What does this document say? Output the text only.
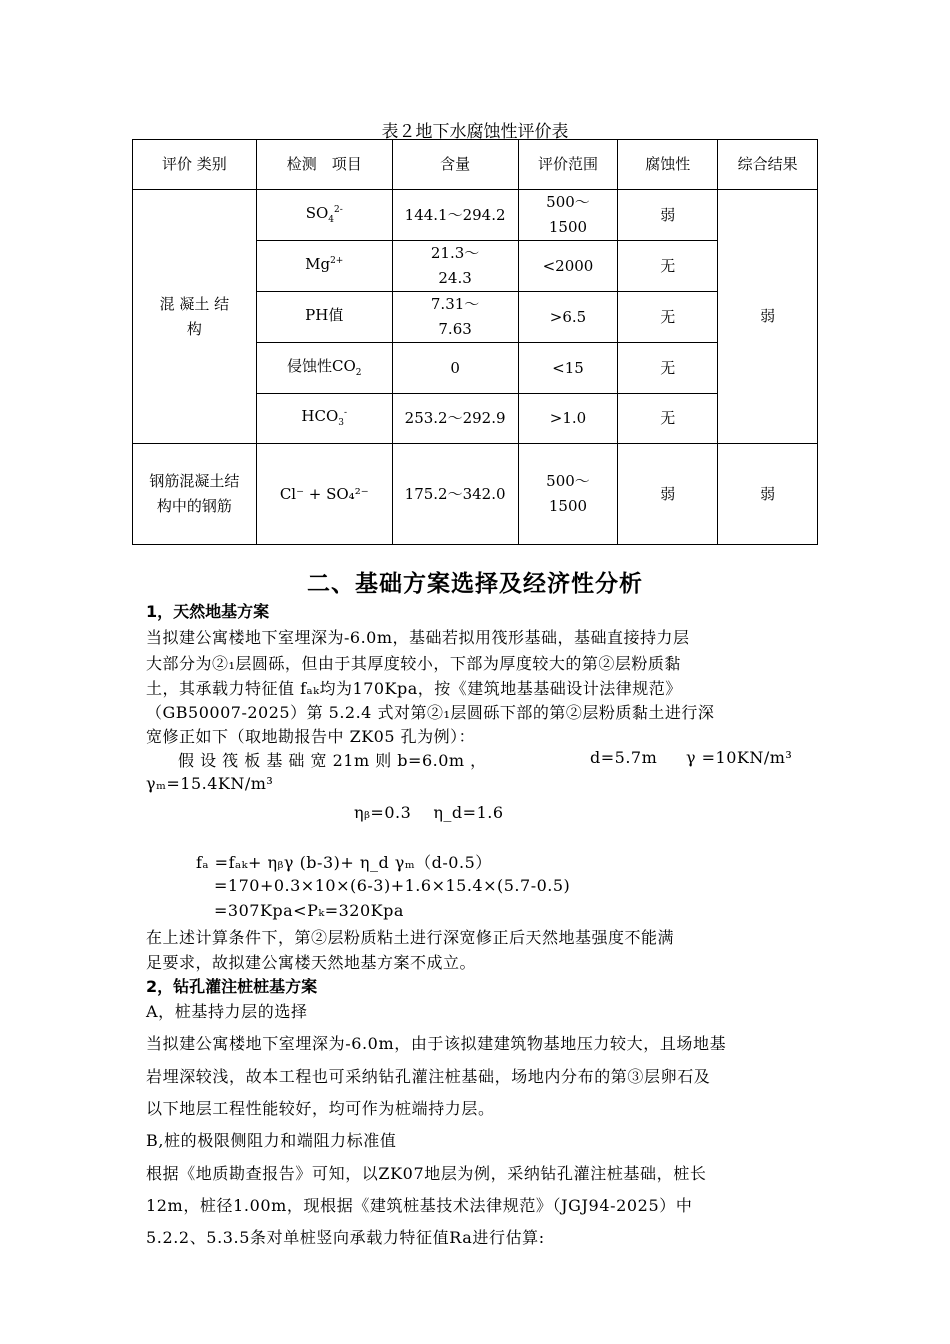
表２地下水腐蚀性评价表
评价 类别	检测　项目	含量	评价范围	腐蚀性	综合结果
混 凝土 结 构	$SO_4^{2-}$	144.1～294.2	500～1500	弱	弱
	$Mg^{2+}$	21.3～24.3	<2000	无	
	PH值	7.31～7.63	>6.5	无	
	侵蚀性$CO_2$	0	<15	无	
	$HCO_3^-$	253.2～292.9	>1.0	无	
钢筋混凝土结构中的钢筋	Cl⁻ + SO₄²⁻	175.2～342.0	500～1500	弱	弱
二、基础方案选择及经济性分析
1，天然地基方案
当拟建公寓楼地下室埋深为-6.0m，基础若拟用筏形基础，基础直接持力层
大部分为②₁层圆砾，但由于其厚度较小，下部为厚度较大的第②层粉质黏
土，其承载力特征值 fₐₖ均为170Kpa，按《建筑地基基础设计法律规范》
（GB50007-2025）第 5.2.4 式对第②₁层圆砾下部的第②层粉质黏土进行深
宽修正如下（取地勘报告中 ZK05 孔为例）：
假 设 筏 板 基 础 宽 21m 则 b=6.0m ，	d=5.7m γ =10KN/m³
γₘ=15.4KN/m³
ηᵦ=0.3　 η_d=1.6
fₐ =fₐₖ+ ηᵦγ (b-3)+ η_d γₘ（d-0.5）
=170+0.3×10×(6-3)+1.6×15.4×(5.7-0.5)
=307Kpa<Pₖ=320Kpa
在上述计算条件下，第②层粉质粘土进行深宽修正后天然地基强度不能满
足要求，故拟建公寓楼天然地基方案不成立。
2，钻孔灌注桩桩基方案
A，桩基持力层的选择
当拟建公寓楼地下室埋深为-6.0m，由于该拟建建筑物基地压力较大，且场地基
岩埋深较浅，故本工程也可采纳钻孔灌注桩基础，场地内分布的第③层卵石及
以下地层工程性能较好，均可作为桩端持力层。
B,桩的极限侧阻力和端阻力标准值
根据《地质勘查报告》可知，以ZK07地层为例，采纳钻孔灌注桩基础，桩长
12m，桩径1.00m，现根据《建筑桩基技术法律规范》（JGJ94-2025）中
5.2.2、5.3.5条对单桩竖向承载力特征值Ra进行估算:
